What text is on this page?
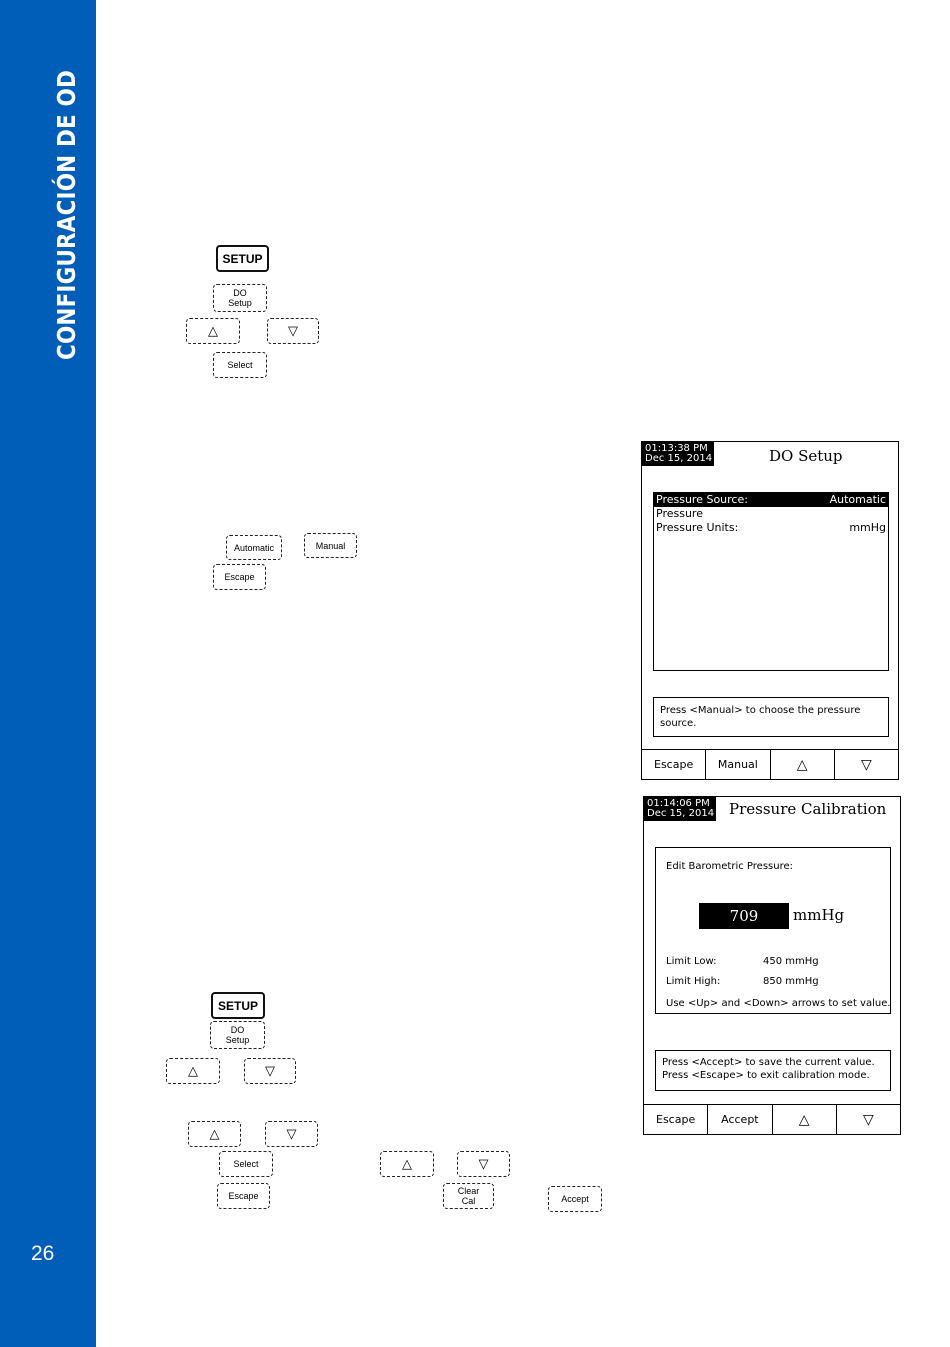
CONFIGURACIÓN DE OD
26
SETUP
DO
Setup
△	▽
Select
Automatic	Manual
Escape
SETUP
DO
Setup
△	▽
△	▽
Select	△	▽
Escape	Clear
Cal	Accept
01:13:38 PM
Dec 15, 2014	DO Setup
Pressure Source:	Automatic
Pressure
Pressure Units:	mmHg
Press <Manual> to choose the pressure source.
Escape	Manual	△	▽
01:14:06 PM
Dec 15, 2014 Pressure Calibration
Edit Barometric Pressure:
709	mmHg
Limit Low:	450 mmHg
Limit High:	850 mmHg
Use <Up> and <Down> arrows to set value.
Press <Accept> to save the current value.
Press <Escape> to exit calibration mode.
Escape	Accept	△	▽
